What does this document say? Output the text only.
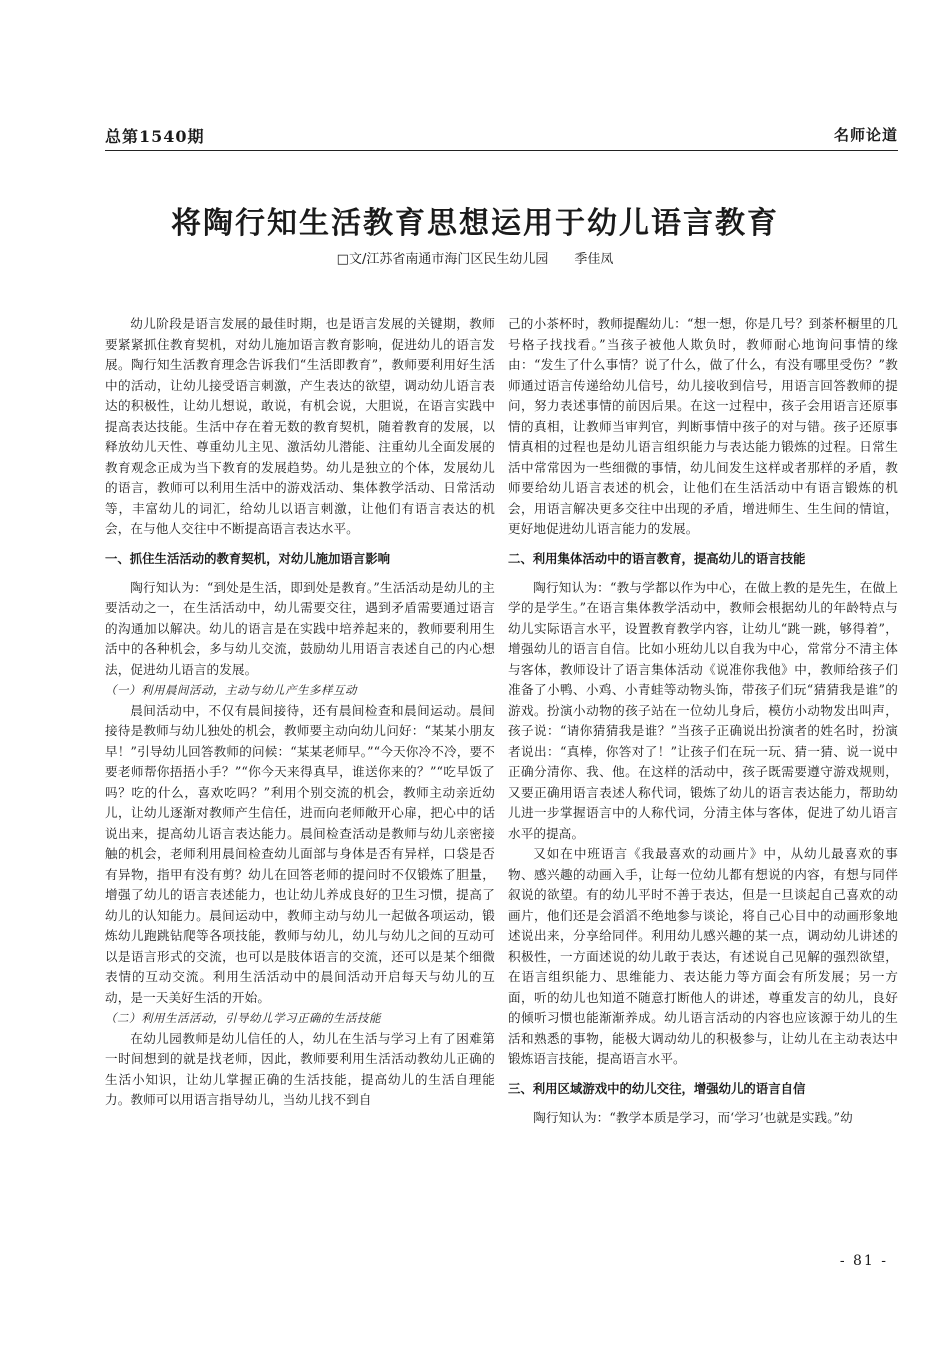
总第1540期	名师论道
将陶行知生活教育思想运用于幼儿语言教育
□文/江苏省南通市海门区民生幼儿园 季佳凤

幼儿阶段是语言发展的最佳时期，也是语言发展的关键期，教师要紧紧抓住教育契机，对幼儿施加语言教育影响，促进幼儿的语言发展。陶行知生活教育理念告诉我们“生活即教育”，教师要利用好生活中的活动，让幼儿接受语言刺激，产生表达的欲望，调动幼儿语言表达的积极性，让幼儿想说，敢说，有机会说，大胆说，在语言实践中提高表达技能。生活中存在着无数的教育契机，随着教育的发展，以释放幼儿天性、尊重幼儿主见、激活幼儿潜能、注重幼儿全面发展的教育观念正成为当下教育的发展趋势。幼儿是独立的个体，发展幼儿的语言，教师可以利用生活中的游戏活动、集体教学活动、日常活动等，丰富幼儿的词汇，给幼儿以语言刺激，让他们有语言表达的机会，在与他人交往中不断提高语言表达水平。

一、抓住生活活动的教育契机，对幼儿施加语言影响

陶行知认为：“到处是生活，即到处是教育。”生活活动是幼儿的主要活动之一，在生活活动中，幼儿需要交往，遇到矛盾需要通过语言的沟通加以解决。幼儿的语言是在实践中培养起来的，教师要利用生活中的各种机会，多与幼儿交流，鼓励幼儿用语言表述自己的内心想法，促进幼儿语言的发展。

（一）利用晨间活动，主动与幼儿产生多样互动

晨间活动中，不仅有晨间接待，还有晨间检查和晨间运动。晨间接待是教师与幼儿独处的机会，教师要主动向幼儿问好：“某某小朋友早！”引导幼儿回答教师的问候：“某某老师早。”“今天你冷不冷，要不要老师帮你捂捂小手？”“你今天来得真早，谁送你来的？”“吃早饭了吗？吃的什么，喜欢吃吗？”利用个别交流的机会，教师主动亲近幼儿，让幼儿逐渐对教师产生信任，进而向老师敞开心扉，把心中的话说出来，提高幼儿语言表达能力。晨间检查活动是教师与幼儿亲密接触的机会，老师利用晨间检查幼儿面部与身体是否有异样，口袋是否有异物，指甲有没有剪？幼儿在回答老师的提问时不仅锻炼了胆量，增强了幼儿的语言表述能力，也让幼儿养成良好的卫生习惯，提高了幼儿的认知能力。晨间运动中，教师主动与幼儿一起做各项运动，锻炼幼儿跑跳钻爬等各项技能，教师与幼儿，幼儿与幼儿之间的互动可以是语言形式的交流，也可以是肢体语言的交流，还可以是某个细微表情的互动交流。利用生活活动中的晨间活动开启每天与幼儿的互动，是一天美好生活的开始。

（二）利用生活活动，引导幼儿学习正确的生活技能

在幼儿园教师是幼儿信任的人，幼儿在生活与学习上有了困难第一时间想到的就是找老师，因此，教师要利用生活活动教幼儿正确的生活小知识，让幼儿掌握正确的生活技能，提高幼儿的生活自理能力。教师可以用语言指导幼儿，当幼儿找不到自

己的小茶杯时，教师提醒幼儿：“想一想，你是几号？到茶杯橱里的几号格子找找看。”当孩子被他人欺负时，教师耐心地询问事情的缘由：“发生了什么事情？说了什么，做了什么，有没有哪里受伤？”教师通过语言传递给幼儿信号，幼儿接收到信号，用语言回答教师的提问，努力表述事情的前因后果。在这一过程中，孩子会用语言还原事情的真相，让教师当审判官，判断事情中孩子的对与错。孩子还原事情真相的过程也是幼儿语言组织能力与表达能力锻炼的过程。日常生活中常常因为一些细微的事情，幼儿间发生这样或者那样的矛盾，教师要给幼儿语言表述的机会，让他们在生活活动中有语言锻炼的机会，用语言解决更多交往中出现的矛盾，增进师生、生生间的情谊，更好地促进幼儿语言能力的发展。

二、利用集体活动中的语言教育，提高幼儿的语言技能

陶行知认为：“教与学都以作为中心，在做上教的是先生，在做上学的是学生。”在语言集体教学活动中，教师会根据幼儿的年龄特点与幼儿实际语言水平，设置教育教学内容，让幼儿“跳一跳，够得着”，增强幼儿的语言自信。比如小班幼儿以自我为中心，常常分不清主体与客体，教师设计了语言集体活动《说准你我他》中，教师给孩子们准备了小鸭、小鸡、小青蛙等动物头饰，带孩子们玩“猜猜我是谁”的游戏。扮演小动物的孩子站在一位幼儿身后，模仿小动物发出叫声，孩子说：“请你猜猜我是谁？”当孩子正确说出扮演者的姓名时，扮演者说出：“真棒，你答对了！”让孩子们在玩一玩、猜一猜、说一说中正确分清你、我、他。在这样的活动中，孩子既需要遵守游戏规则，又要正确用语言表述人称代词，锻炼了幼儿的语言表达能力，帮助幼儿进一步掌握语言中的人称代词，分清主体与客体，促进了幼儿语言水平的提高。

又如在中班语言《我最喜欢的动画片》中，从幼儿最喜欢的事物、感兴趣的动画入手，让每一位幼儿都有想说的内容，有想与同伴叙说的欲望。有的幼儿平时不善于表达，但是一旦谈起自己喜欢的动画片，他们还是会滔滔不绝地参与谈论，将自己心目中的动画形象地述说出来，分享给同伴。利用幼儿感兴趣的某一点，调动幼儿讲述的积极性，一方面述说的幼儿敢于表达，有述说自己见解的强烈欲望，在语言组织能力、思维能力、表达能力等方面会有所发展；另一方面，听的幼儿也知道不随意打断他人的讲述，尊重发言的幼儿，良好的倾听习惯也能渐渐养成。幼儿语言活动的内容也应该源于幼儿的生活和熟悉的事物，能极大调动幼儿的积极参与，让幼儿在主动表达中锻炼语言技能，提高语言水平。

三、利用区域游戏中的幼儿交往，增强幼儿的语言自信

陶行知认为：“教学本质是学习，而‘学习’也就是实践。”幼

- 81 -
